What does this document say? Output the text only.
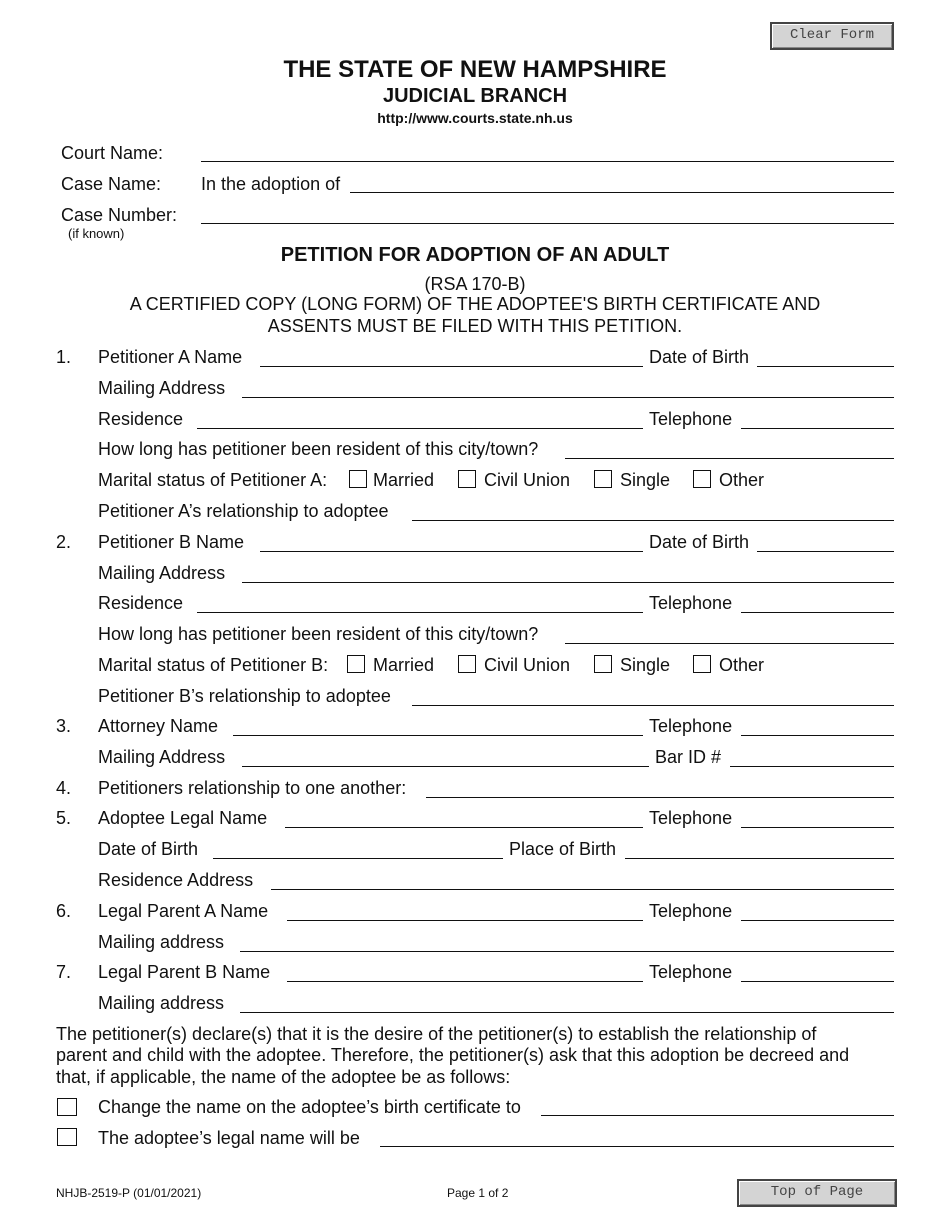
Clear Form
Top of Page
THE STATE OF NEW HAMPSHIRE
JUDICIAL BRANCH
http://www.courts.state.nh.us
Court Name:
Case Name: In the adoption of
Case Number:
(if known)
PETITION FOR ADOPTION OF AN ADULT
(RSA 170-B)
A CERTIFIED COPY (LONG FORM) OF THE ADOPTEE'S BIRTH CERTIFICATE AND
ASSENTS MUST BE FILED WITH THIS PETITION.
1. Petitioner A Name	Date of Birth
Mailing Address
Residence	Telephone
How long has petitioner been resident of this city/town?
Marital status of Petitioner A:	Married	Civil Union	Single	Other
Petitioner A’s relationship to adoptee
2. Petitioner B Name	Date of Birth
Mailing Address
Residence	Telephone
How long has petitioner been resident of this city/town?
Marital status of Petitioner B: Married	Civil Union	Single	Other
Petitioner B’s relationship to adoptee
3. Attorney Name	Telephone
Mailing Address	Bar ID #
4. Petitioners relationship to one another:
5. Adoptee Legal Name	Telephone
Date of Birth	Place of Birth
Residence Address
6. Legal Parent A Name	Telephone
Mailing address
7. Legal Parent B Name	Telephone
Mailing address
The petitioner(s) declare(s) that it is the desire of the petitioner(s) to establish the relationship of
parent and child with the adoptee. Therefore, the petitioner(s) ask that this adoption be decreed and
that, if applicable, the name of the adoptee be as follows:
Change the name on the adoptee’s birth certificate to
The adoptee’s legal name will be
NHJB-2519-P (01/01/2021)	Page 1 of 2
